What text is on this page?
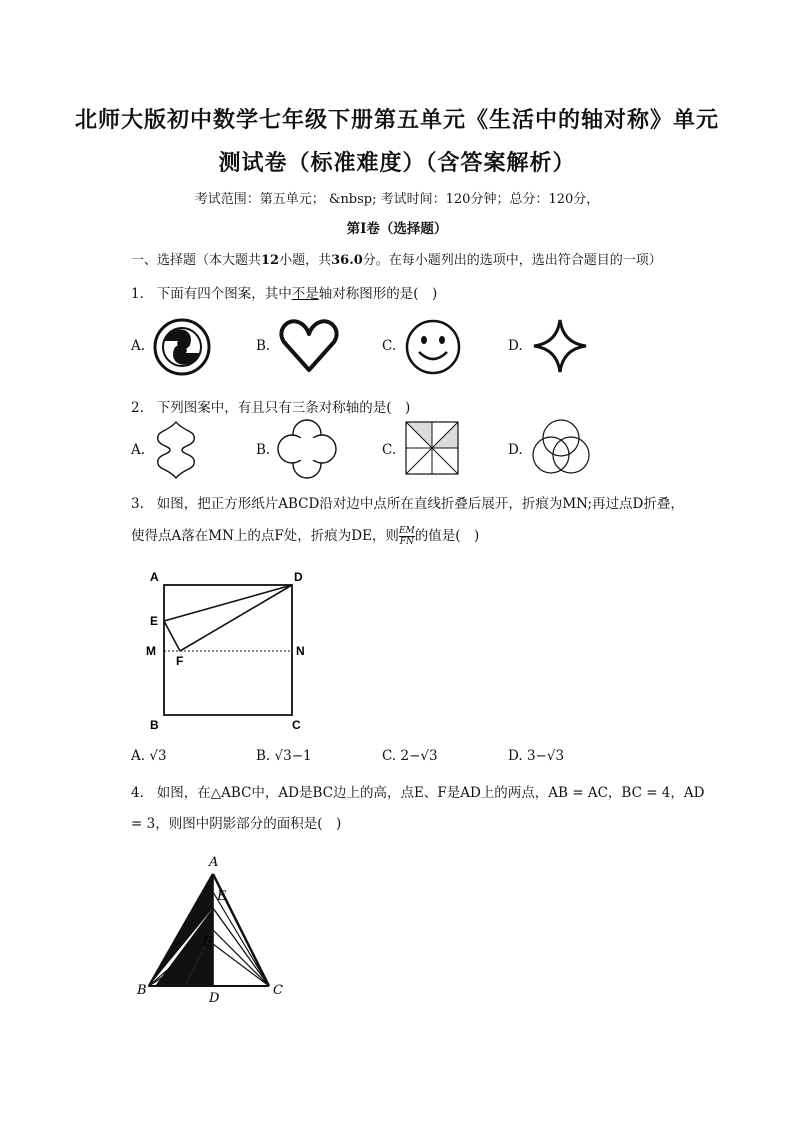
北师大版初中数学七年级下册第五单元《生活中的轴对称》单元
测试卷（标准难度）（含答案解析）
考试范围：第五单元； &nbsp; 考试时间：120分钟；总分：120分，
第I卷（选择题）
一、选择题（本大题共12小题，共36.0分。在每小题列出的选项中，选出符合题目的一项）
1. 下面有四个图案，其中不是轴对称图形的是(　)
A.	B.	C.	D.
2. 下列图案中，有且只有三条对称轴的是(　)
A.	B.	C.	D.
3. 如图，把正方形纸片ABCD沿对边中点所在直线折叠后展开，折痕为MN;再过点D折叠，
使得点A落在MN上的点F处，折痕为DE，则 $\frac{EM}{FN}$ 的值是(　)
A	D
E
M
F
N
B	C
A. √3	B. √3−1	C. 2−√3	D. 3−√3
4. 如图，在△ABC中，AD是BC边上的高，点E、F是AD上的两点，AB = AC，BC = 4，AD
= 3，则图中阴影部分的面积是(　)
A
E
F
B
D
C
